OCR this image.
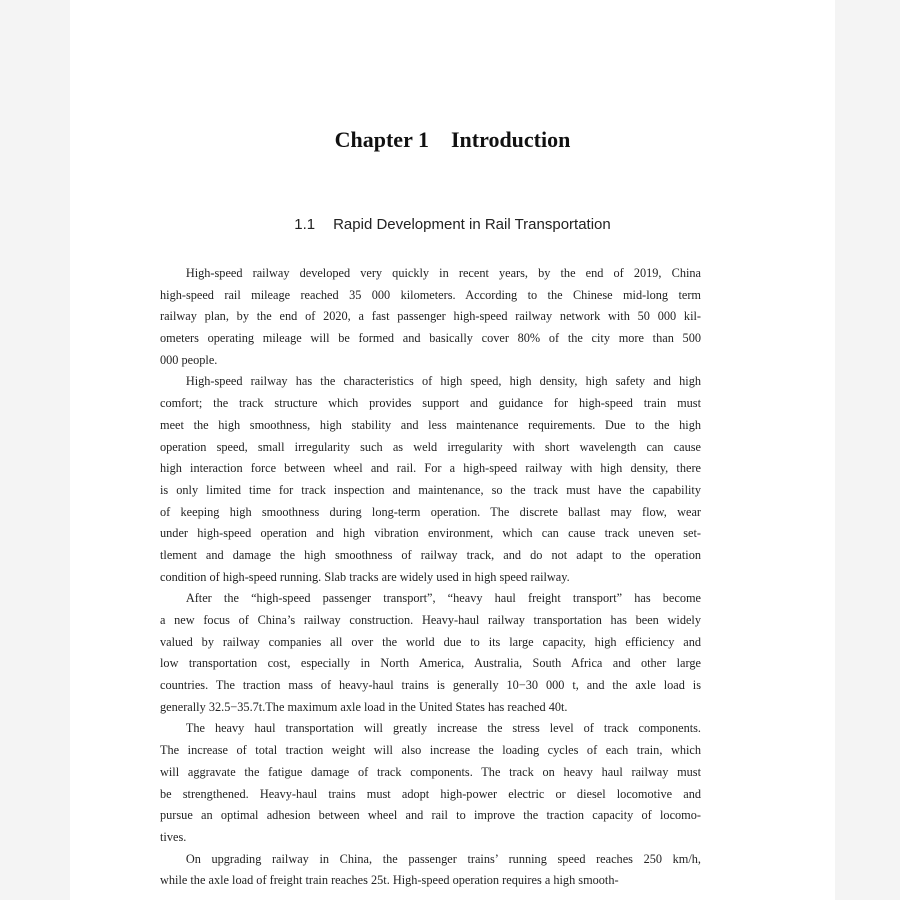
Chapter 1 Introduction
1.1 Rapid Development in Rail Transportation
High-speed railway developed very quickly in recent years, by the end of 2019, China
high-speed rail mileage reached 35 000 kilometers. According to the Chinese mid-long term
railway plan, by the end of 2020, a fast passenger high-speed railway network with 50 000 kil-
ometers operating mileage will be formed and basically cover 80% of the city more than 500
000 people.
High-speed railway has the characteristics of high speed, high density, high safety and high
comfort; the track structure which provides support and guidance for high-speed train must
meet the high smoothness, high stability and less maintenance requirements. Due to the high
operation speed, small irregularity such as weld irregularity with short wavelength can cause
high interaction force between wheel and rail. For a high-speed railway with high density, there
is only limited time for track inspection and maintenance, so the track must have the capability
of keeping high smoothness during long-term operation. The discrete ballast may flow, wear
under high-speed operation and high vibration environment, which can cause track uneven set-
tlement and damage the high smoothness of railway track, and do not adapt to the operation
condition of high-speed running. Slab tracks are widely used in high speed railway.
After the “high-speed passenger transport”, “heavy haul freight transport” has become
a new focus of China’s railway construction. Heavy-haul railway transportation has been widely
valued by railway companies all over the world due to its large capacity, high efficiency and
low transportation cost, especially in North America, Australia, South Africa and other large
countries. The traction mass of heavy-haul trains is generally 10−30 000 t, and the axle load is
generally 32.5−35.7t.The maximum axle load in the United States has reached 40t.
The heavy haul transportation will greatly increase the stress level of track components.
The increase of total traction weight will also increase the loading cycles of each train, which
will aggravate the fatigue damage of track components. The track on heavy haul railway must
be strengthened. Heavy-haul trains must adopt high-power electric or diesel locomotive and
pursue an optimal adhesion between wheel and rail to improve the traction capacity of locomo-
tives.
On upgrading railway in China, the passenger trains’ running speed reaches 250 km/h,
while the axle load of freight train reaches 25t. High-speed operation requires a high smooth-
